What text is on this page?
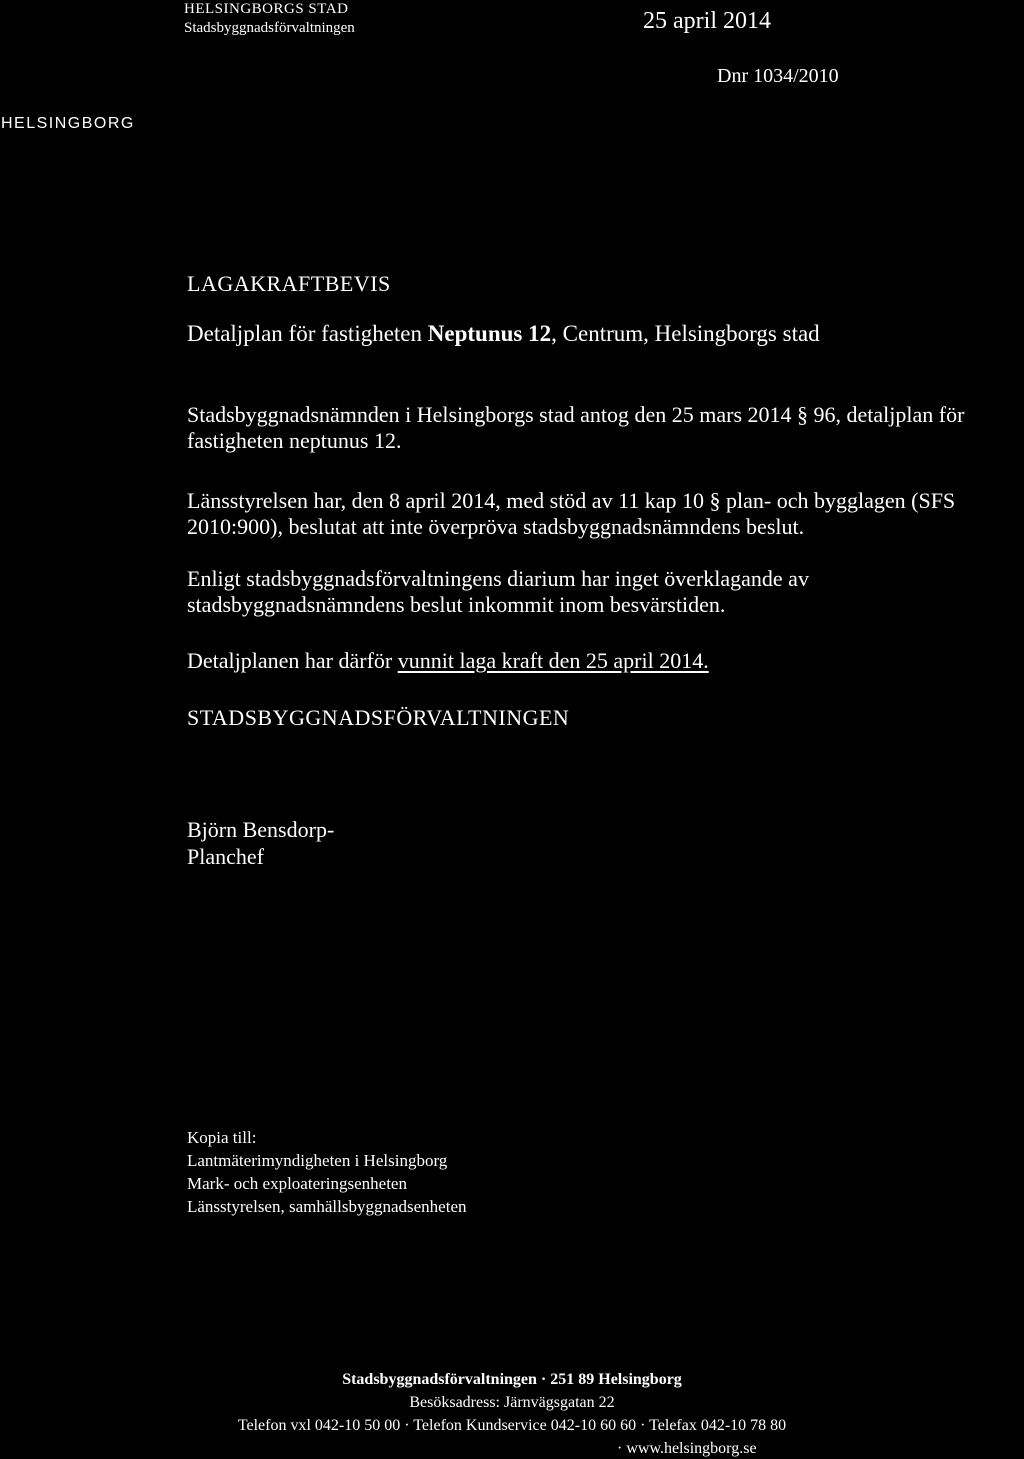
HELSINGBORGS STAD
Stadsbyggnadsförvaltningen	25 april 2014
Dnr 1034/2010
HELSINGBORG
LAGAKRAFTBEVIS
Detaljplan för fastigheten Neptunus 12, Centrum, Helsingborgs stad
Stadsbyggnadsnämnden i Helsingborgs stad antog den 25 mars 2014 § 96, detaljplan för fastigheten neptunus 12.
Länsstyrelsen har, den 8 april 2014, med stöd av 11 kap 10 § plan- och bygglagen (SFS 2010:900), beslutat att inte överpröva stadsbyggnadsnämndens beslut.
Enligt stadsbyggnadsförvaltningens diarium har inget överklagande av stadsbyggnadsnämndens beslut inkommit inom besvärstiden.
Detaljplanen har därför vunnit laga kraft den 25 april 2014.
STADSBYGGNADSFÖRVALTNINGEN
Björn Bensdorp-
Planchef
Kopia till:
Lantmäterimyndigheten i Helsingborg
Mark- och exploateringsenheten
Länsstyrelsen, samhällsbyggnadsenheten
Stadsbyggnadsförvaltningen · 251 89 Helsingborg
Besöksadress: Järnvägsgatan 22
Telefon vxl 042-10 50 00 · Telefon Kundservice 042-10 60 60 · Telefax 042-10 78 80
· www.helsingborg.se
